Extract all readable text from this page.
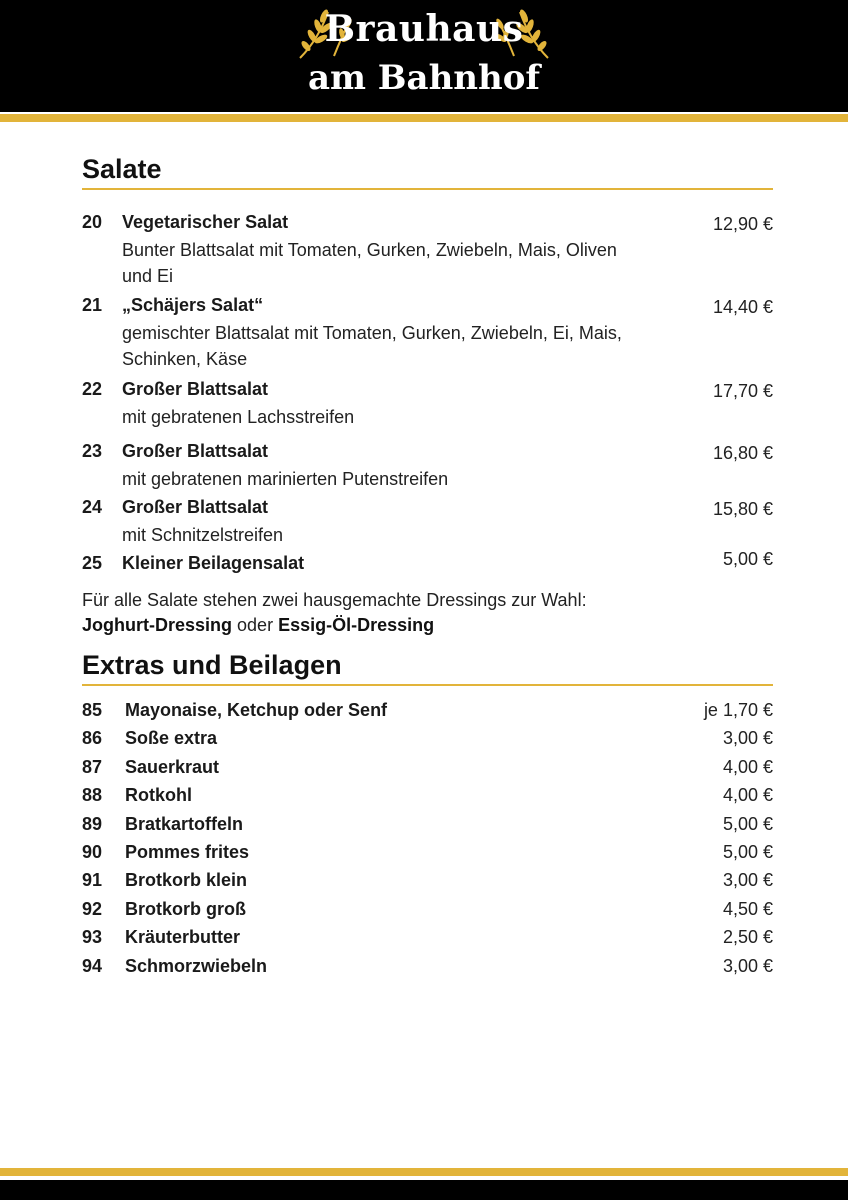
Brauhaus
am Bahnhof
Salate
20 Vegetarischer Salat
Bunter Blattsalat mit Tomaten, Gurken, Zwiebeln, Mais, Oliven und Ei
12,90 €
21 „Schäjers Salat“
gemischter Blattsalat mit Tomaten, Gurken, Zwiebeln, Ei, Mais, Schinken, Käse
14,40 €
22 Großer Blattsalat
mit gebratenen Lachsstreifen
17,70 €
23 Großer Blattsalat
mit gebratenen marinierten Putenstreifen
16,80 €
24 Großer Blattsalat
mit Schnitzelstreifen
15,80 €
25 Kleiner Beilagensalat	5,00 €
Für alle Salate stehen zwei hausgemachte Dressings zur Wahl:
Joghurt-Dressing oder Essig-Öl-Dressing
Extras und Beilagen
85 Mayonaise, Ketchup oder Senf	je 1,70 €
86 Soße extra	3,00 €
87 Sauerkraut	4,00 €
88 Rotkohl	4,00 €
89 Bratkartoffeln	5,00 €
90 Pommes frites	5,00 €
91 Brotkorb klein	3,00 €
92 Brotkorb groß	4,50 €
93 Kräuterbutter	2,50 €
94 Schmorzwiebeln	3,00 €
